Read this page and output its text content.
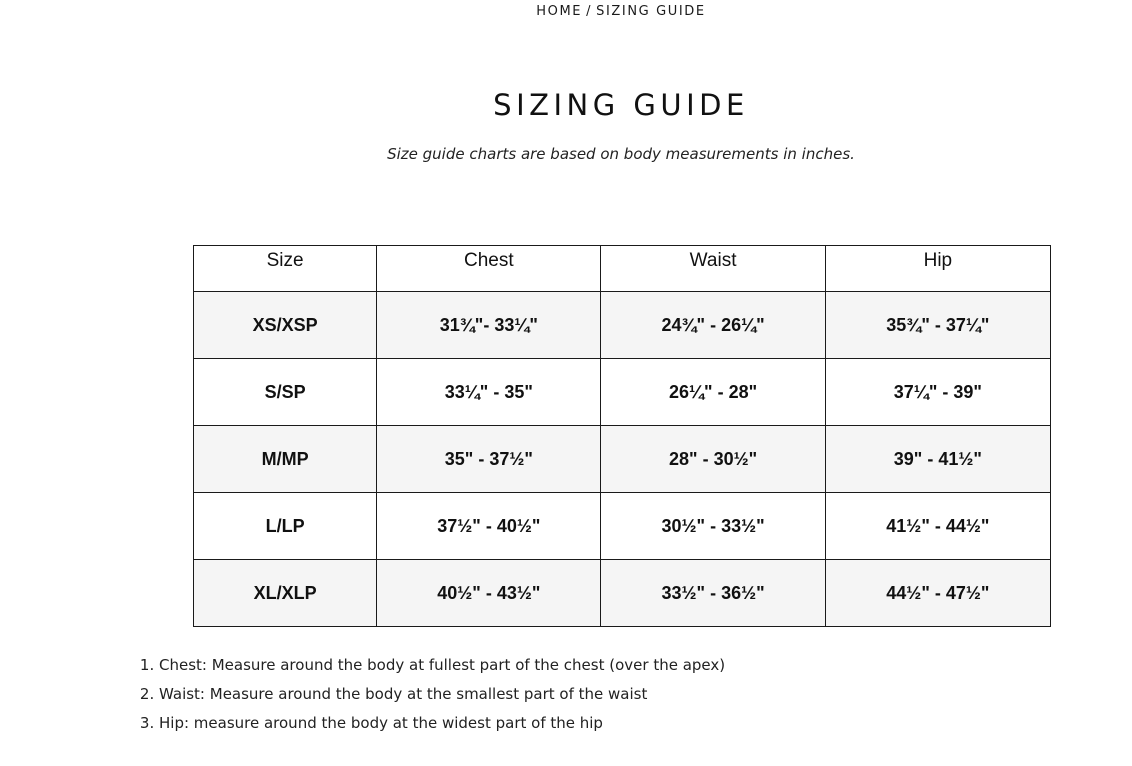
HOME / SIZING GUIDE
SIZING GUIDE

Size guide charts are based on body measurements in inches.

Size	Chest	Waist	Hip
XS/XSP	31¾"- 33¼"	24¾" - 26¼"	35¾" - 37¼"
S/SP	33¼" - 35"	26¼" - 28"	37¼" - 39"
M/MP	35" - 37½"	28" - 30½"	39" - 41½"
L/LP	37½" - 40½"	30½" - 33½"	41½" - 44½"
XL/XLP	40½" - 43½"	33½" - 36½"	44½" - 47½"
1. Chest: Measure around the body at fullest part of the chest (over the apex)
2. Waist: Measure around the body at the smallest part of the waist
3. Hip: measure around the body at the widest part of the hip
